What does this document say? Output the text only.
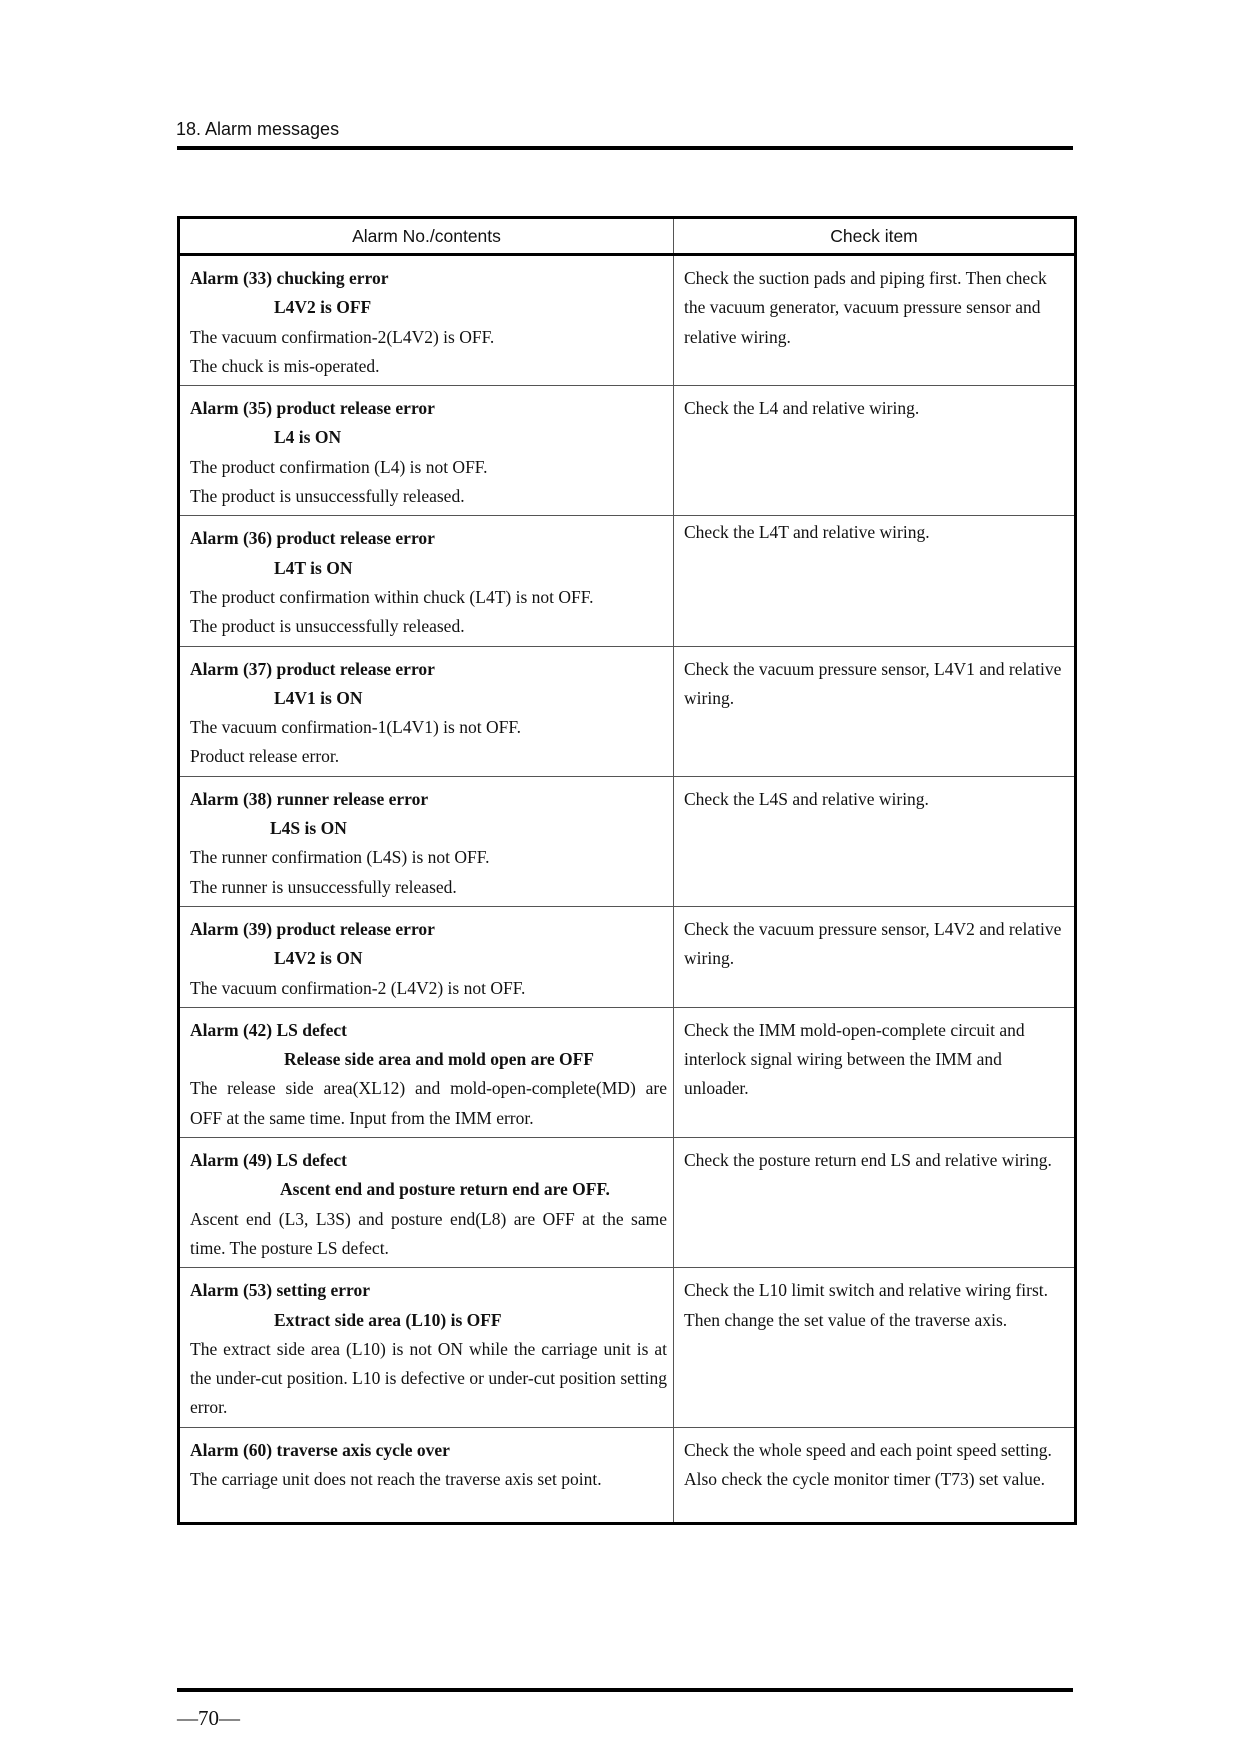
18. Alarm messages
Alarm No./contents	Check item

Alarm (33) chucking error
L4V2 is OFF
The vacuum confirmation-2(L4V2) is OFF.
The chuck is mis-operated.	Check the suction pads and piping first. Then check the vacuum generator, vacuum pressure sensor and relative wiring.

Alarm (35) product release error
L4 is ON
The product confirmation (L4) is not OFF.
The product is unsuccessfully released.	Check the L4 and relative wiring.

Alarm (36) product release error
L4T is ON
The product confirmation within chuck (L4T) is not OFF.
The product is unsuccessfully released.	Check the L4T and relative wiring.

Alarm (37) product release error
L4V1 is ON
The vacuum confirmation-1(L4V1) is not OFF.
Product release error.	Check the vacuum pressure sensor, L4V1 and relative wiring.

Alarm (38) runner release error
L4S is ON
The runner confirmation (L4S) is not OFF.
The runner is unsuccessfully released.	Check the L4S and relative wiring.

Alarm (39) product release error
L4V2 is ON
The vacuum confirmation-2 (L4V2) is not OFF.	Check the vacuum pressure sensor, L4V2 and relative wiring.

Alarm (42) LS defect
Release side area and mold open are OFF
The release side area(XL12) and mold-open-complete(MD) are OFF at the same time. Input from the IMM error.	Check the IMM mold-open-complete circuit and interlock signal wiring between the IMM and unloader.

Alarm (49) LS defect
Ascent end and posture return end are OFF.
Ascent end (L3, L3S) and posture end(L8) are OFF at the same time. The posture LS defect.	Check the posture return end LS and relative wiring.

Alarm (53) setting error
Extract side area (L10) is OFF
The extract side area (L10) is not ON while the carriage unit is at the under-cut position. L10 is defective or under-cut position setting error.	Check the L10 limit switch and relative wiring first. Then change the set value of the traverse axis.

Alarm (60) traverse axis cycle over
The carriage unit does not reach the traverse axis set point.	Check the whole speed and each point speed setting. Also check the cycle monitor timer (T73) set value.
—70—
